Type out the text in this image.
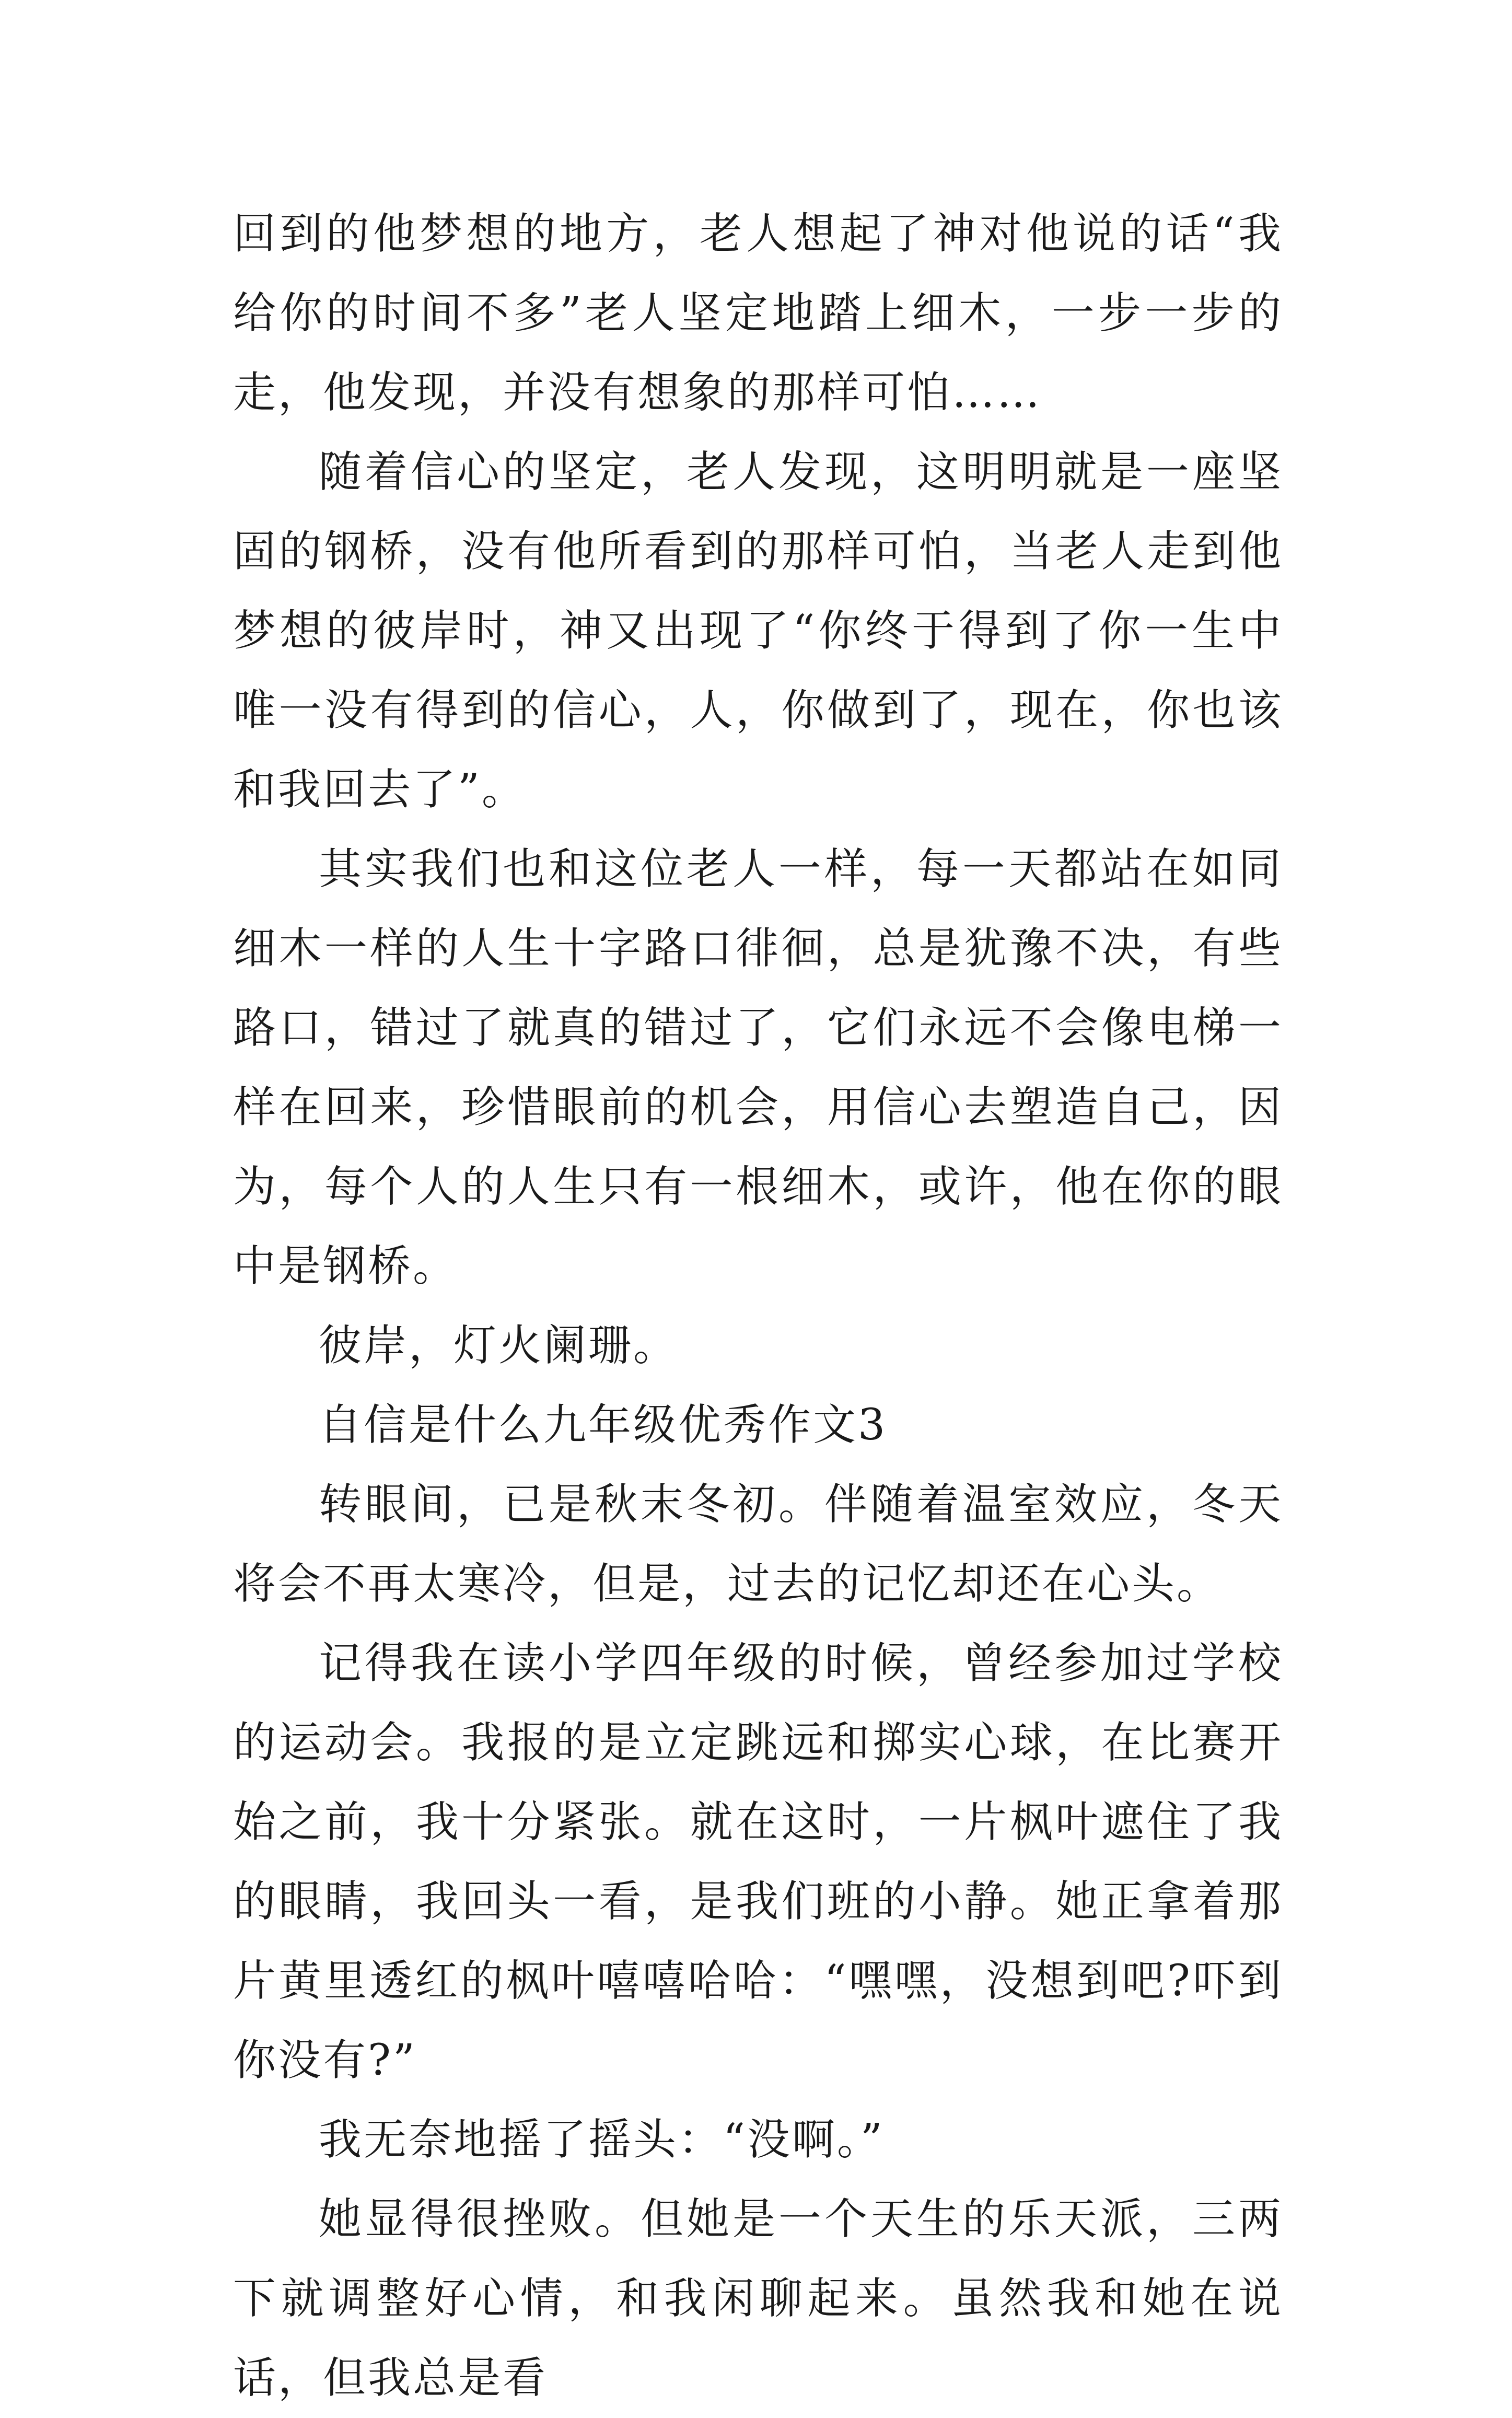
回到的他梦想的地方，老人想起了神对他说的话“我给你的时间不多”老人坚定地踏上细木，一步一步的走，他发现，并没有想象的那样可怕……

随着信心的坚定，老人发现，这明明就是一座坚固的钢桥，没有他所看到的那样可怕，当老人走到他梦想的彼岸时，神又出现了“你终于得到了你一生中唯一没有得到的信心，人，你做到了，现在，你也该和我回去了”。

其实我们也和这位老人一样，每一天都站在如同细木一样的人生十字路口徘徊，总是犹豫不决，有些路口，错过了就真的错过了，它们永远不会像电梯一样在回来，珍惜眼前的机会，用信心去塑造自己，因为，每个人的人生只有一根细木，或许，他在你的眼中是钢桥。

彼岸，灯火阑珊。

自信是什么九年级优秀作文3

转眼间，已是秋末冬初。伴随着温室效应，冬天将会不再太寒冷，但是，过去的记忆却还在心头。

记得我在读小学四年级的时候，曾经参加过学校的运动会。我报的是立定跳远和掷实心球，在比赛开始之前，我十分紧张。就在这时，一片枫叶遮住了我的眼睛，我回头一看，是我们班的小静。她正拿着那片黄里透红的枫叶嘻嘻哈哈：“嘿嘿，没想到吧?吓到你没有?”

我无奈地摇了摇头：“没啊。”

她显得很挫败。但她是一个天生的乐天派，三两下就调整好心情，和我闲聊起来。虽然我和她在说话，但我总是看
